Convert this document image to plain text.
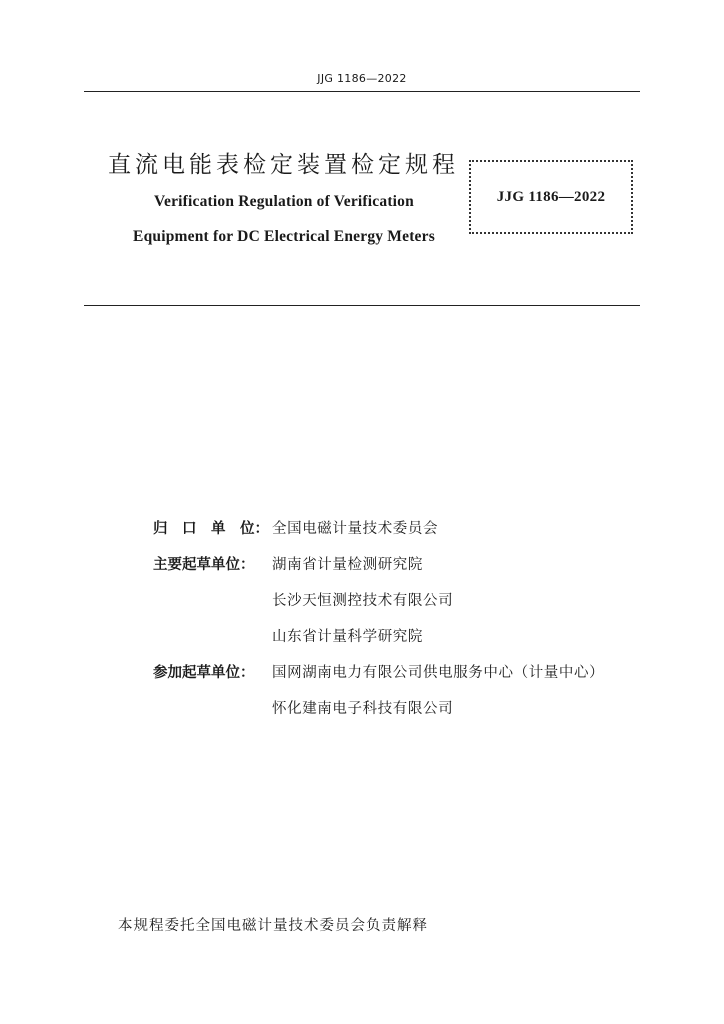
JJG 1186—2022
直流电能表检定装置检定规程
Verification Regulation of Verification
Equipment for DC Electrical Energy Meters
JJG 1186—2022
归　口　单　位： 全国电磁计量技术委员会
主要起草单位：	湖南省计量检测研究院
长沙天恒测控技术有限公司
山东省计量科学研究院
参加起草单位：	国网湖南电力有限公司供电服务中心（计量中心）
怀化建南电子科技有限公司
本规程委托全国电磁计量技术委员会负责解释
